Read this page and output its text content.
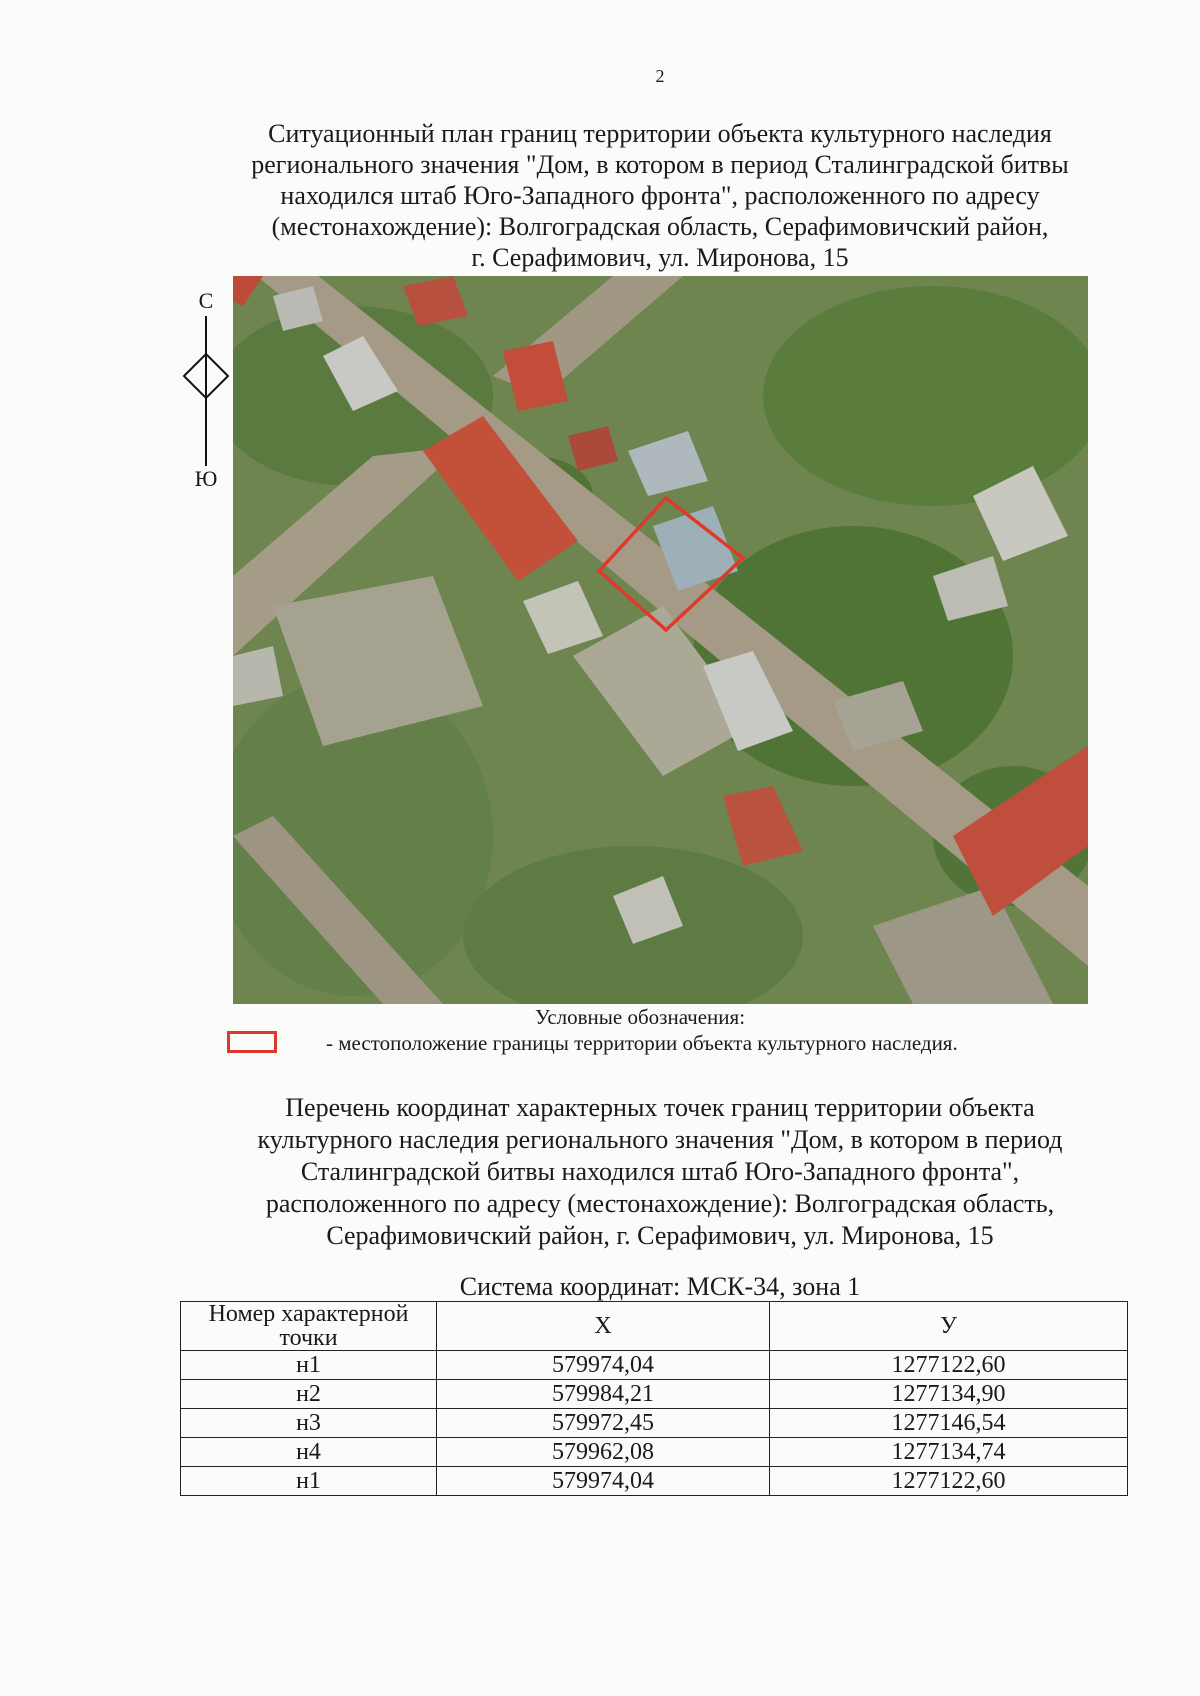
2
Ситуационный план границ территории объекта культурного наследия
регионального значения "Дом, в котором в период Сталинградской битвы
находился штаб Юго-Западного фронта", расположенного по адресу
(местонахождение): Волгоградская область, Серафимовичский район,
г. Серафимович, ул. Миронова, 15
С
Ю
Условные обозначения:
- местоположение границы территории объекта культурного наследия.
Перечень координат характерных точек границ территории объекта
культурного наследия регионального значения "Дом, в котором в период
Сталинградской битвы находился штаб Юго-Западного фронта",
расположенного по адресу (местонахождение): Волгоградская область,
Серафимовичский район, г. Серафимович, ул. Миронова, 15
Система координат: МСК-34, зона 1
Номер характерной точки	X	У
н1	579974,04	1277122,60
н2	579984,21	1277134,90
н3	579972,45	1277146,54
н4	579962,08	1277134,74
н1	579974,04	1277122,60
